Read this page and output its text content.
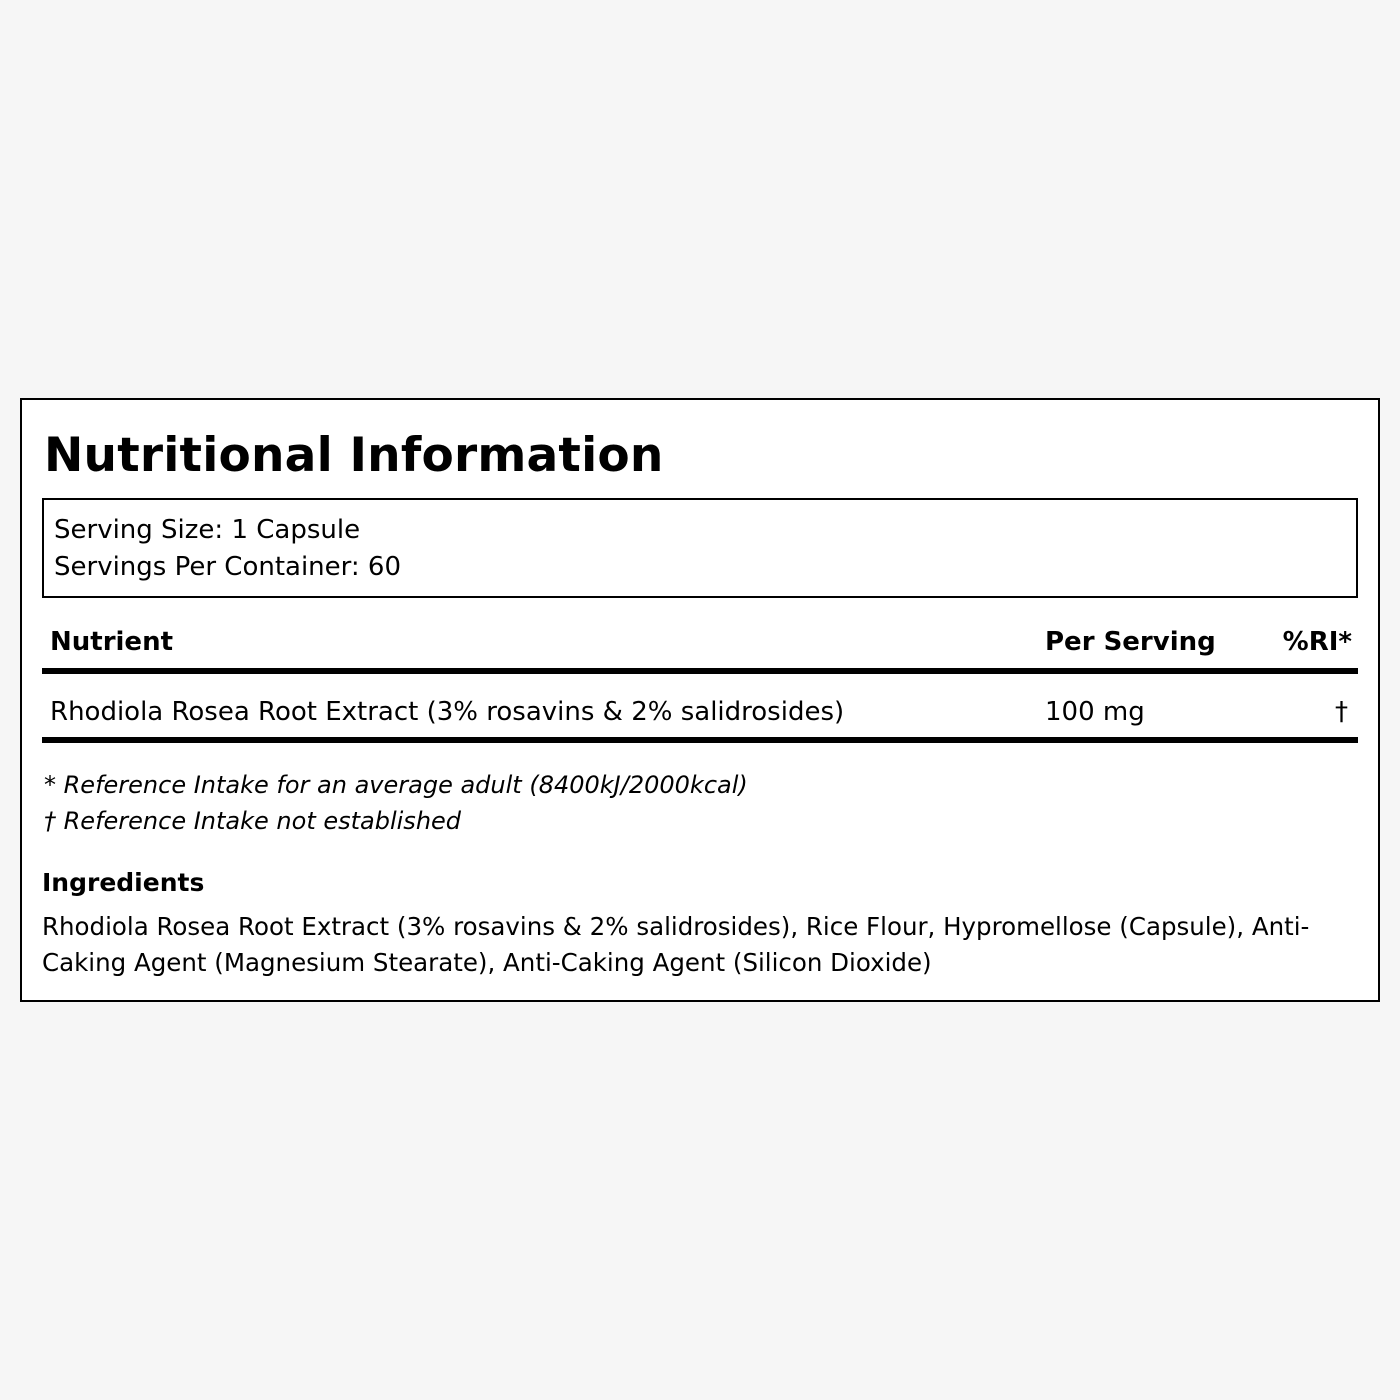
Nutritional Information
Serving Size: 1 Capsule
Servings Per Container: 60
Nutrient	Per Serving	%RI*
Rhodiola Rosea Root Extract (3% rosavins & 2% salidrosides)	100 mg	†
* Reference Intake for an average adult (8400kJ/2000kcal)
† Reference Intake not established
Ingredients
Rhodiola Rosea Root Extract (3% rosavins & 2% salidrosides), Rice Flour, Hypromellose (Capsule), Anti-Caking Agent (Magnesium Stearate), Anti-Caking Agent (Silicon Dioxide)
